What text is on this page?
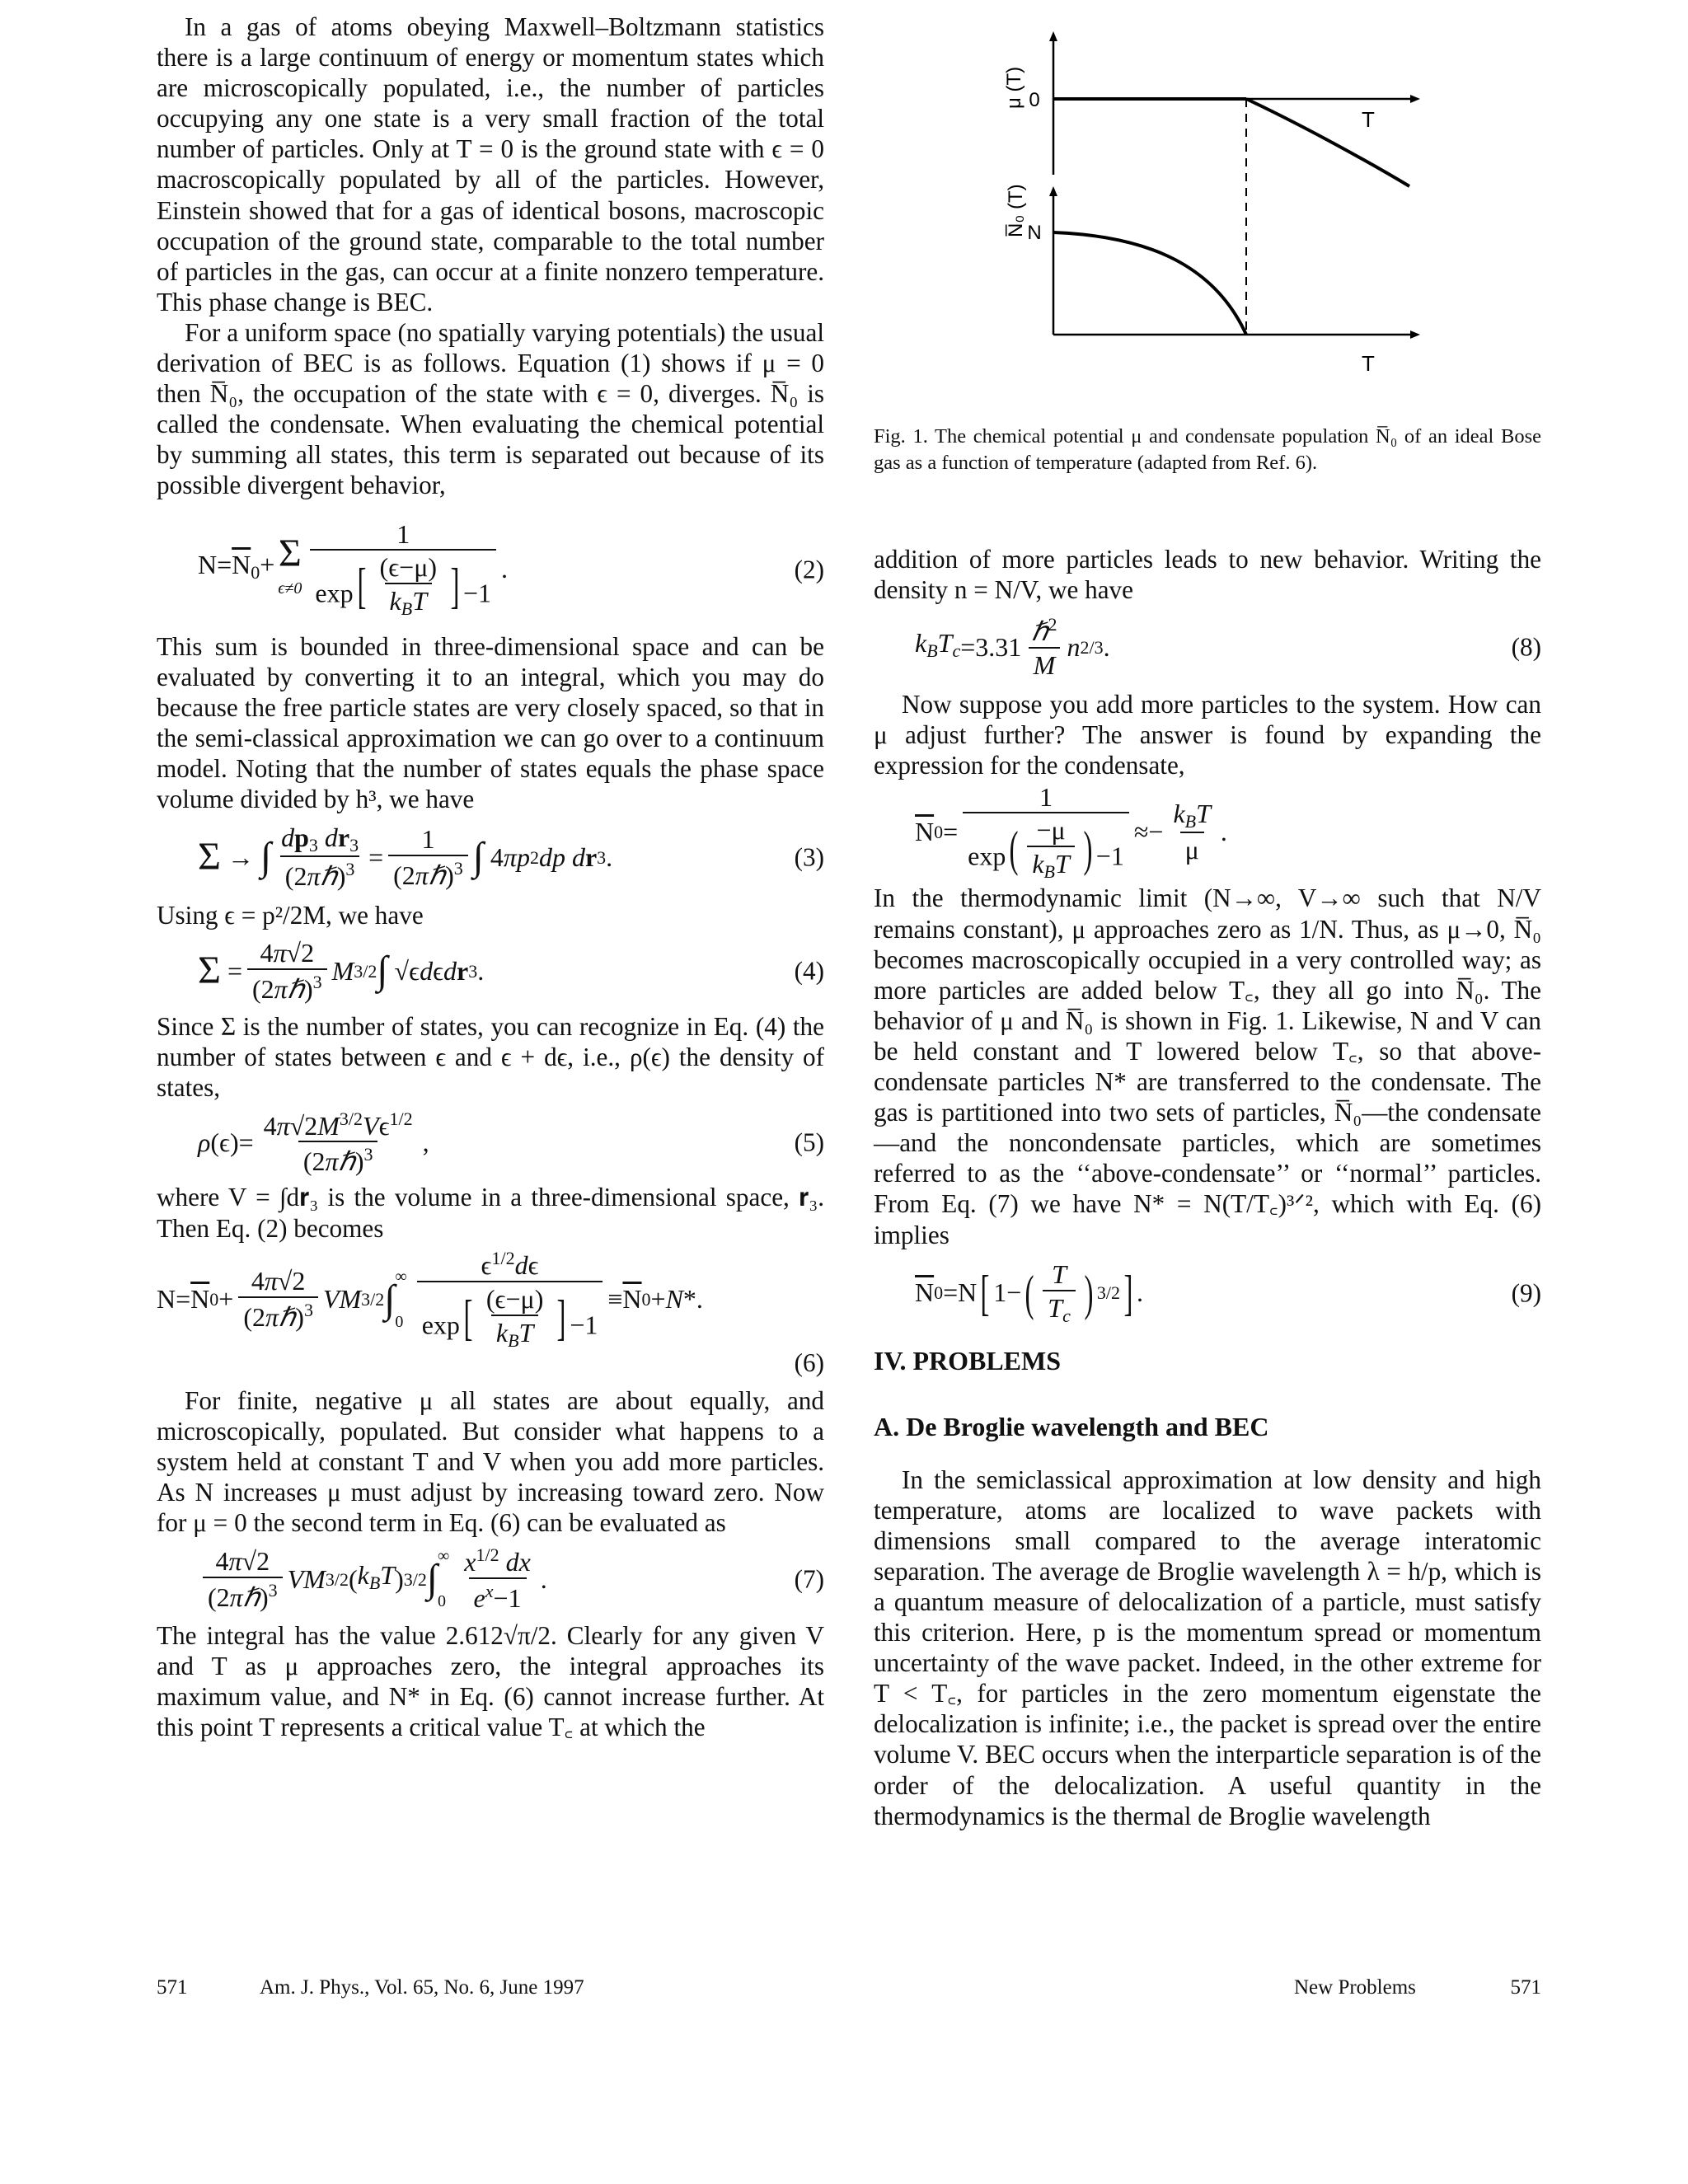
In a gas of atoms obeying Maxwell–Boltzmann statistics there is a large continuum of energy or momentum states which are microscopically populated, i.e., the number of particles occupying any one state is a very small fraction of the total number of particles. Only at T = 0 is the ground state with ϵ = 0 macroscopically populated by all of the particles. However, Einstein showed that for a gas of identical bosons, macroscopic occupation of the ground state, comparable to the total number of particles in the gas, can occur at a finite nonzero temperature. This phase change is BEC.

For a uniform space (no spatially varying potentials) the usual derivation of BEC is as follows. Equation (1) shows if μ = 0 then N̅₀, the occupation of the state with ϵ = 0, diverges. N̅₀ is called the condensate. When evaluating the chemical potential by summing all states, this term is separated out because of its possible divergent behavior,

$N=\overline{N}_0+ \Sigma$
$\epsilon\ne 0 \frac{1}{\exp [ \frac{(\epsilon-\mu)}{k_BT} ] -1}$ .	(2)

This sum is bounded in three-dimensional space and can be evaluated by converting it to an integral, which you may do because the free particle states are very closely spaced, so that in the semi-classical approximation we can go over to a continuum model. Noting that the number of states equals the phase space volume divided by h³, we have

Σ → ∫ $\frac{dp_3 dr_3}{(2\pi\hbar)^3} = \frac{1}{(2\pi\hbar)^3}$ ∫ 4 πp 2 dp d r 3 .	(3)

Using ϵ = p²/2M, we have

$\Sigma = \frac{4\pi√2}{(2\pi\hbar)^3}$ M 3/2 ∫ √ϵ d ϵ d r 3 .	(4)

Since Σ is the number of states, you can recognize in Eq. (4) the number of states between ϵ and ϵ + dϵ, i.e., ρ(ϵ) the density of states,

ρ $(\epsilon)= \frac{4\pi√2M^{3/2}V\epsilon^{1/2}}{(2\pi\hbar)^3}$ ,	(5)

where V = ∫d𝐫₃ is the volume in a three-dimensional space, 𝐫₃. Then Eq. (2) becomes

$N= \overline{N}$ $0 + \frac{4\pi√2}{(2\pi\hbar)^3}$ VM 3/2 ∫
∞
$0 \frac{\epsilon^{1/2}d\epsilon}{\exp [ \frac{(\epsilon-\mu)}{k_BT} ] -1} \equiv \overline{N}$ 0 + N *.
(6)

For finite, negative μ all states are about equally, and microscopically, populated. But consider what happens to a system held at constant T and V when you add more particles. As N increases μ must adjust by increasing toward zero. Now for μ = 0 the second term in Eq. (6) can be evaluated as

$\frac{4\pi√2}{(2\pi\hbar)^3}$ VM 3/2 ( $k_BT$ ) 3/2 ∫
∞
$0 \frac{x^{1/2} dx}{e^x-1}$ .	(7)

The integral has the value 2.612√π/2. Clearly for any given V and T as μ approaches zero, the integral approaches its maximum value, and N* in Eq. (6) cannot increase further. At this point T represents a critical value T꜀ at which the

μ (T) 0
T
N̅₀ (T) N
T

Fig. 1. The chemical potential μ and condensate population N̅₀ of an ideal Bose gas as a function of temperature (adapted from Ref. 6).

addition of more particles leads to new behavior. Writing the density n = N/V, we have

$k_BT_c =3.31 \frac{\hbar^2}{M}$ n 2/3 .	(8)

Now suppose you add more particles to the system. How can μ adjust further? The answer is found by expanding the expression for the condensate,

$\overline{N}$ $0 = \frac{1}{\exp ( \frac{-\mu}{k_BT} ) -1} \approx- \frac{k_BT}{\mu}$ .

In the thermodynamic limit (N→∞, V→∞ such that N/V remains constant), μ approaches zero as 1/N. Thus, as μ→0, N̅₀ becomes macroscopically occupied in a very controlled way; as more particles are added below T꜀, they all go into N̅₀. The behavior of μ and N̅₀ is shown in Fig. 1. Likewise, N and V can be held constant and T lowered below T꜀, so that above-condensate particles N* are transferred to the condensate. The gas is partitioned into two sets of particles, N̅₀—the condensate—and the noncondensate particles, which are sometimes referred to as the ‘‘above-condensate’’ or ‘‘normal’’ particles. From Eq. (7) we have N* = N(T/T꜀)³ᐟ², which with Eq. (6) implies

$\overline{N}$ 0 =N [ 1− ( $\frac{T}{T_c}$ ) 3/2 ] .	(9)
IV. PROBLEMS
A. De Broglie wavelength and BEC

In the semiclassical approximation at low density and high temperature, atoms are localized to wave packets with dimensions small compared to the average interatomic separation. The average de Broglie wavelength λ = h/p, which is a quantum measure of delocalization of a particle, must satisfy this criterion. Here, p is the momentum spread or momentum uncertainty of the wave packet. Indeed, in the other extreme for T < T꜀, for particles in the zero momentum eigenstate the delocalization is infinite; i.e., the packet is spread over the entire volume V. BEC occurs when the interparticle separation is of the order of the delocalization. A useful quantity in the thermodynamics is the thermal de Broglie wavelength

571	Am. J. Phys., Vol. 65, No. 6, June 1997	New Problems	571
